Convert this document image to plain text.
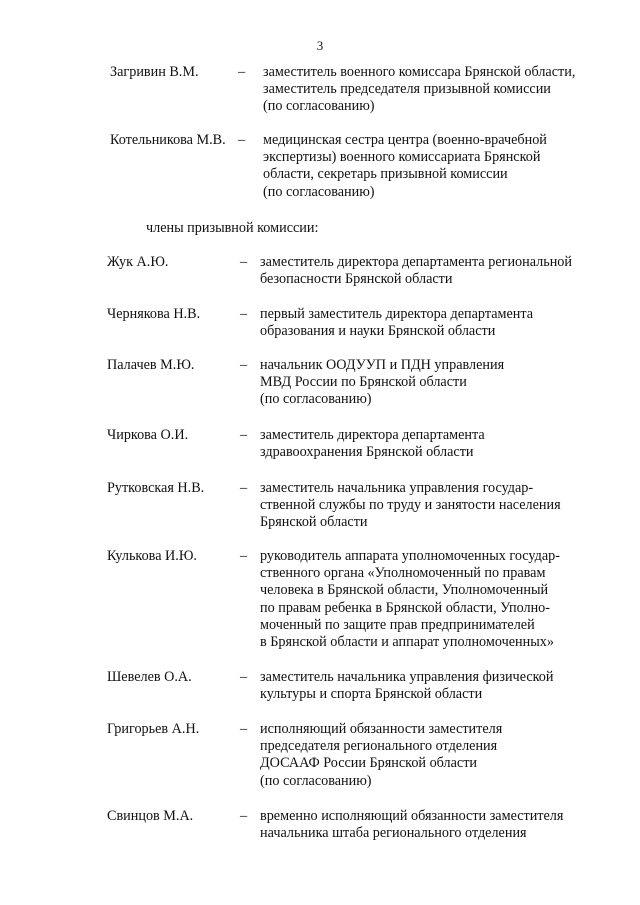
3
Загривин В.М.	– заместитель военного комиссара Брянской области,
заместитель председателя призывной комиссии
(по согласованию)
Котельникова М.В. – медицинская сестра центра (военно-врачебной
экспертизы) военного комиссариата Брянской
области, секретарь призывной комиссии
(по согласованию)
члены призывной комиссии:
Жук А.Ю.	– заместитель директора департамента региональной
безопасности Брянской области
Чернякова Н.В.	– первый заместитель директора департамента
образования и науки Брянской области
Палачев М.Ю.	– начальник ООДУУП и ПДН управления
МВД России по Брянской области
(по согласованию)
Чиркова О.И.	– заместитель директора департамента
здравоохранения Брянской области
Рутковская Н.В.	– заместитель начальника управления государ-
ственной службы по труду и занятости населения
Брянской области
Кулькова И.Ю.	– руководитель аппарата уполномоченных государ-
ственного органа «Уполномоченный по правам
человека в Брянской области, Уполномоченный
по правам ребенка в Брянской области, Уполно-
моченный по защите прав предпринимателей
в Брянской области и аппарат уполномоченных»
Шевелев О.А.	– заместитель начальника управления физической
культуры и спорта Брянской области
Григорьев А.Н.	– исполняющий обязанности заместителя
председателя регионального отделения
ДОСААФ России Брянской области
(по согласованию)
Свинцов М.А.	– временно исполняющий обязанности заместителя
начальника штаба регионального отделения
